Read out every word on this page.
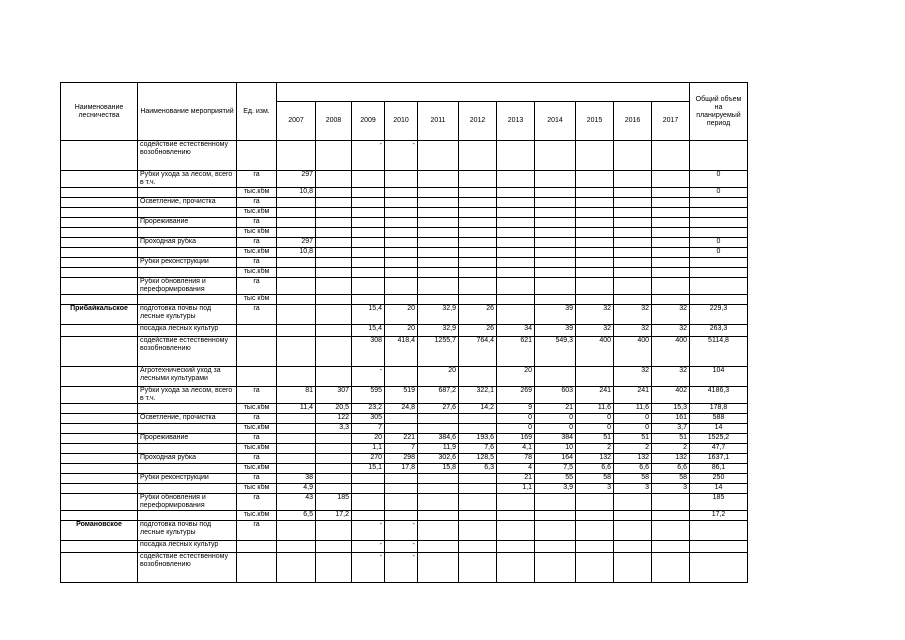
Наименование лесничества	Наименование мероприятий	Ед. изм.												Общий объем на планируемый период
			2007	2008	2009	2010	2011	2012	2013	2014	2015	2016	2017	
	содействие естественному возобновлению				-	-								
	Рубки ухода за лесом, всего в т.ч.	га	297											0
		тыс.кбм	10,8											0
	Осветление, прочистка	га												
		тыс.кбм												
	Прореживание	га												
		тыс кбм												
	Проходная рубка	га	297											0
		тыс.кбм	10,8											0
	Рубки реконструкции	га												
		тыс.кбм												
	Рубки обновления и переформирования	га												
		тыс кбм												
Прибайкальское	подготовка почвы под лесные культуры	га			15,4	20	32,9	26		39	32	32	32	229,3
	посадка лесных культур				15,4	20	32,9	26	34	39	32	32	32	263,3
	содействие естественному возобновлению				308	418,4	1255,7	764,4	621	549,3	400	400	400	5114,8
	Агротехнический уход за лесными культурами				-		20		20			32	32	104
	Рубки ухода за лесом, всего в т.ч.	га	81	307	595	519	687,2	322,1	269	603	241	241	402	4186,3
		тыс.кбм	11,4	20,5	23,2	24,8	27,6	14,2	9	21	11,6	11,6	15,3	178,8
	Осветление, прочистка	га		122	305				0	0	0	0	161	588
		тыс.кбм		3,3	7				0	0	0	0	3,7	14
	Прореживание	га			20	221	384,6	193,6	169	384	51	51	51	1525,2
		тыс.кбм			1,1	7	11,9	7,6	4,1	10	2	2	2	47,7
	Проходная рубка	га			270	298	302,6	128,5	78	164	132	132	132	1637,1
		тыс.кбм			15,1	17,8	15,8	6,3	4	7,5	6,6	6,6	6,6	86,1
	Рубки реконструкции	га	38						21	55	58	58	58	250
		тыс кбм	4,9						1,1	3,9	3	3	3	14
	Рубки обновления и переформирования	га	43	185										185
		тыс.кбм	6,5	17,2										17,2
Романовское	подготовка почвы под лесные культуры	га			-	-								
	посадка лесных культур				-	-								
	содействие естественному возобновлению				-	-								
